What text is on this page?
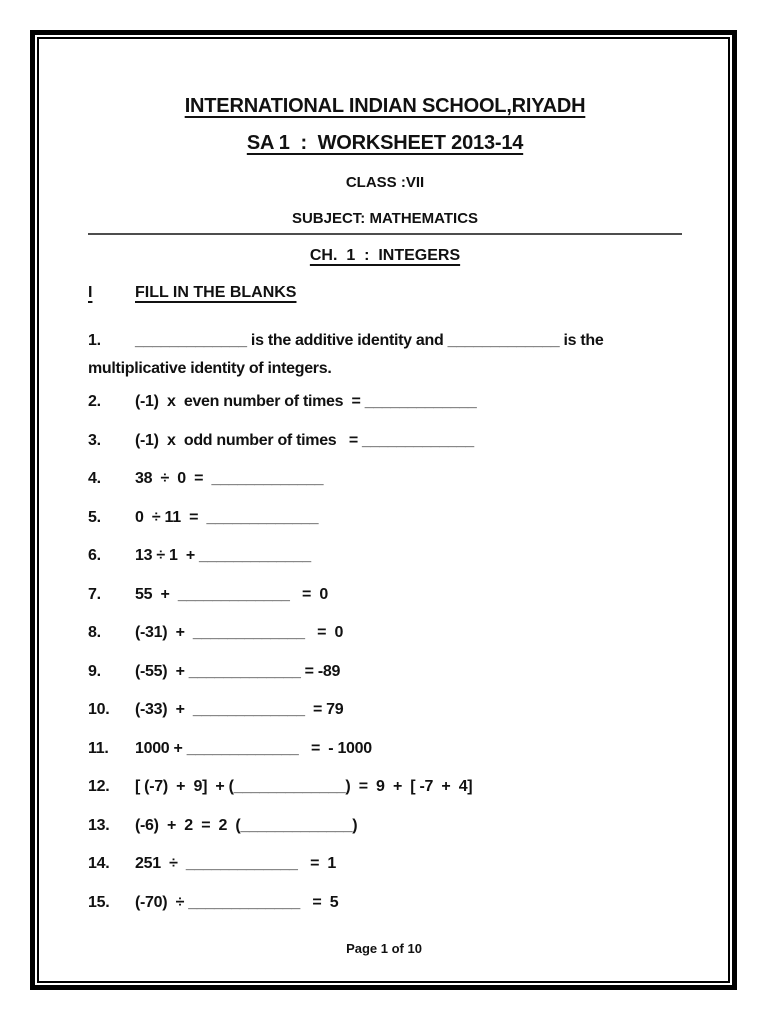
INTERNATIONAL INDIAN SCHOOL,RIYADH
SA 1  :  WORKSHEET 2013-14
CLASS :VII
SUBJECT: MATHEMATICS
CH.  1  :  INTEGERS
I	FILL IN THE BLANKS
1. _____________ is the additive identity and _____________ is the multiplicative identity of integers.
2.	(-1)  x  even number of times  = _____________
3.	(-1)  x  odd number of times   = _____________
4.	38  ÷  0  =  _____________
5.	0  ÷ 11  =  _____________
6.	13 ÷ 1  + _____________
7.	55  +  _____________   =  0
8.	(-31)  +  _____________   =  0
9.	(-55)  + _____________ = -89
10.	(-33)  +  _____________  = 79
11.	1000 + _____________   =  - 1000
12.	[ (-7)  +  9]  + (_____________)  =  9  +  [ -7  +  4]
13.	(-6)  +  2  =  2  (_____________)
14.	251  ÷  _____________   =  1
15.	(-70)  ÷ _____________   =  5
Page 1 of 10
